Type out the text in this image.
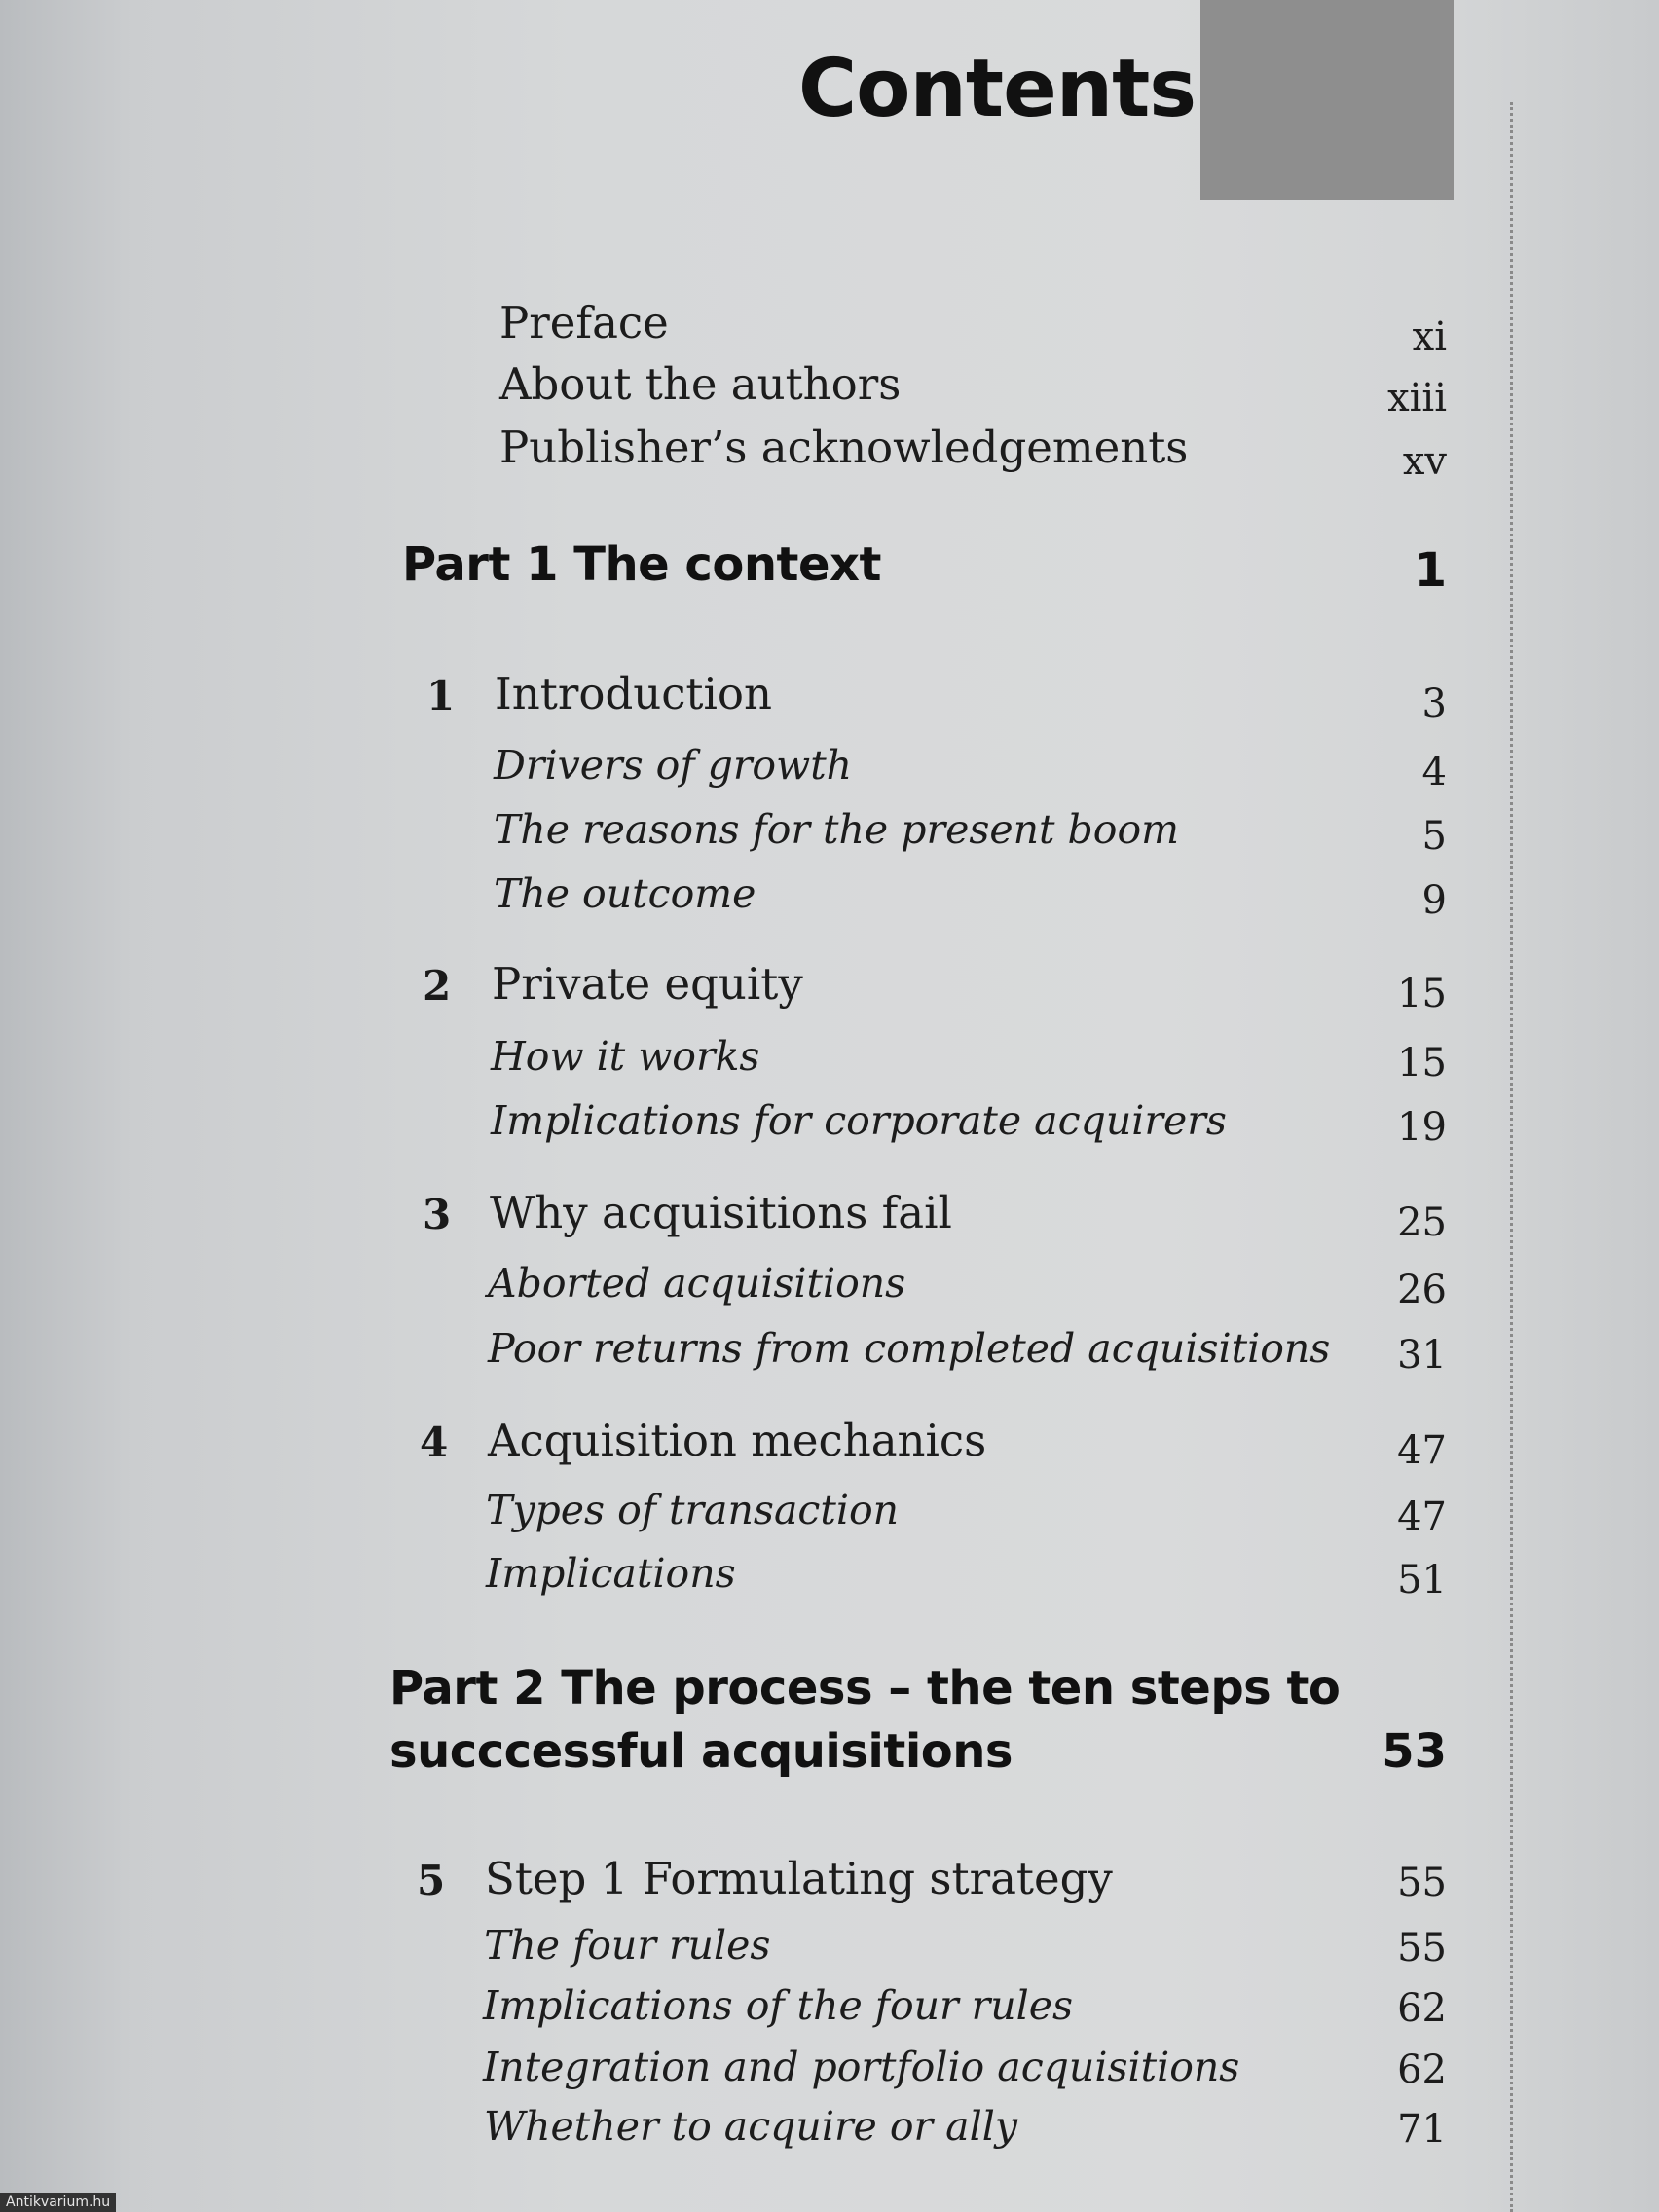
Contents
Preface	xi
About the authors	xiii
Publisher’s acknowledgements	xv
Part 1 The context	1
1 Introduction	3
Drivers of growth	4
The reasons for the present boom	5
The outcome	9
2 Private equity	15
How it works	15
Implications for corporate acquirers	19
3 Why acquisitions fail	25
Aborted acquisitions	26
Poor returns from completed acquisitions 31
4 Acquisition mechanics	47
Types of transaction	47
Implications	51
Part 2 The process – the ten steps to
succcessful acquisitions	53
5 Step 1 Formulating strategy	55
The four rules	55
Implications of the four rules	62
Integration and portfolio acquisitions	62
Whether to acquire or ally	71
Antikvarium.hu
